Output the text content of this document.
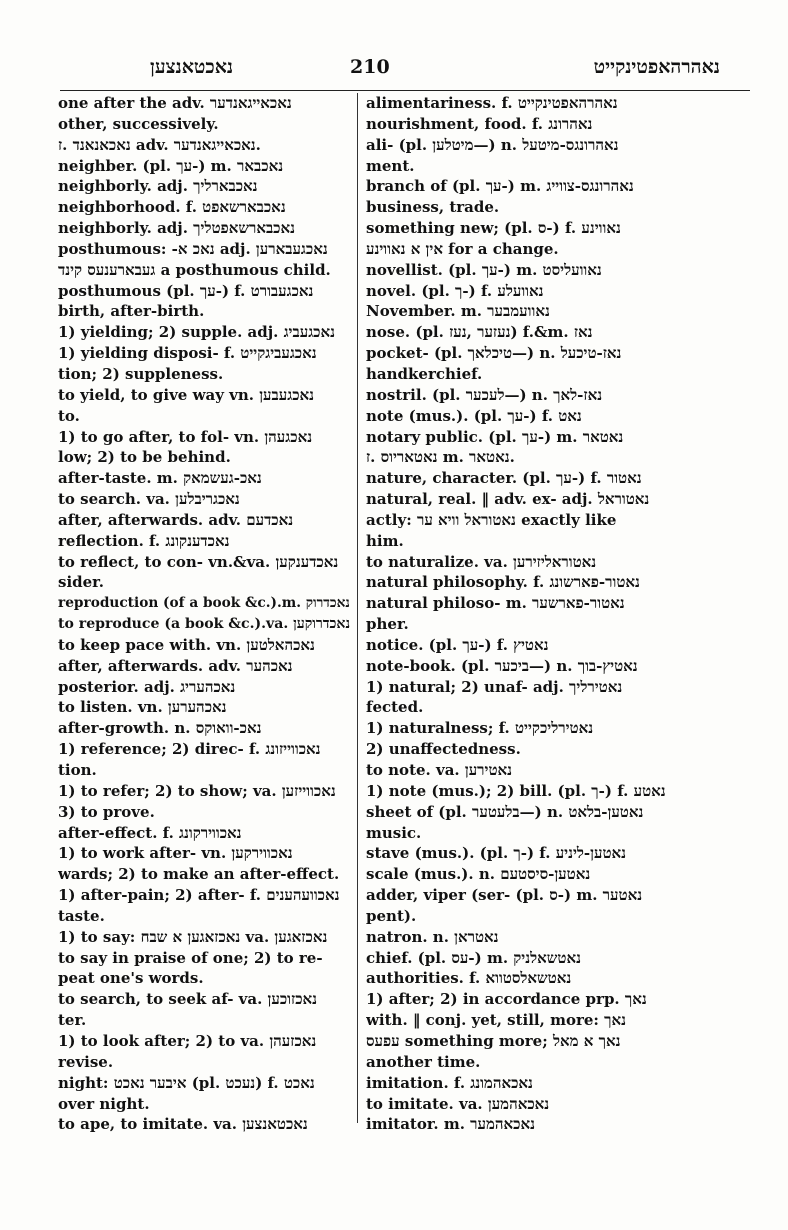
נאכטאנצען	210	נאהרהאפטינקייט
one after the adv. נאכאייגאנדער
other, successively.
נאכאנאנד .ז adv. נאכאייגאנדער.
neighber. (pl. עך-) m. נאכבאר
neighborly. adj. נאכבארליך
neighborhood. f. נאכבארשאפט
neighborly. adj. נאכבארשאפטליך
posthumous: -נאכ א adj. נאכגעבארען
געבארענעס קינד a posthumous child.
posthumous (pl. עך-) f. נאכגעבורט
birth, after-birth.
1) yielding; 2) supple. adj. נאכגעביג
1) yielding disposi- f. נאכגעביגקייט
tion; 2) suppleness.
to yield, to give way vn. נאכגעבען
to.
1) to go after, to fol- vn. נאכגעהן
low; 2) to be behind.
after-taste. m. נאכ-געשמאק
to search. va. נאכגריבלען
after, afterwards. adv. נאכדעם
reflection. f. נאכדענקונג
to reflect, to con- vn.&va. נאכדענקען
sider.
reproduction (of a book &c.).m. נאכדרוק
to reproduce (a book &c.).va. נאכדרוקען
to keep pace with. vn. נאכהאלטען
after, afterwards. adv. נאכהער
posterior. adj. נאכהעריג
to listen. vn. נאכהערען
after-growth. n. נאכ-וואוקס
1) reference; 2) direc- f. נאכווייזונג
tion.
1) to refer; 2) to show; va. נאכווייזען
3) to prove.
after-effect. f. נאכווירקונג
1) to work after- vn. נאכווירקען
wards; 2) to make an after-effect.
1) after-pain; 2) after- f. נאכוועהענים
taste.
1) to say: נאכזאגען א שבח va. נאכזאגען
to say in praise of one; 2) to re-
peat one's words.
to search, to seek af- va. נאכזוכען
ter.
1) to look after; 2) to va. נאכזעהן
revise.
night: איבער נאכט (pl. נעכט) f. נאכט
over night.
to ape, to imitate. va. נאכטאנצען
alimentariness. f. נאהרהאפטינקייט
nourishment, food. f. נאהרונג
ali- (pl. מיטלען—) n. נאהרונגס-מיטעל
ment.
branch of (pl. עך-) m. נאהרונגס-צווייג
business, trade.
something new; (pl. ס-) f. נאווינע
אין א נאווינע for a change.
novellist. (pl. עך-) m. נאוועליסט
novel. (pl. ך-) f. נאוועלע
November. m. נאוועמבער
nose. (pl. נעזער ,נעז) f.&m. נאז
pocket- (pl. טיכלאך—) n. נאז-טיכעל
handkerchief.
nostril. (pl. לעכער—) n. נאז-לאך
note (mus.). (pl. עך-) f. נאט
notary public. (pl. עך-) m. נאטאר
נאטאריוס .ז m. נאטאר.
nature, character. (pl. עך-) f. נאטור
natural, real. ‖ adv. ex- adj. נאטוראל
actly: נאטוראל וויא ער exactly like
him.
to naturalize. va. נאטוראליזירען
natural philosophy. f. נאטור-פארשונג
natural philoso- m. נאטור-פארשער
pher.
notice. (pl. עך-) f. נאטיץ
note-book. (pl. ביכער—) n. נאטיץ-בוך
1) natural; 2) unaf- adj. נאטירליך
fected.
1) naturalness; f. נאטירליכקייט
2) unaffectedness.
to note. va. נאטירען
1) note (mus.); 2) bill. (pl. ך-) f. נאטע
sheet of (pl. בלעטער—) n. נאטען-בלאט
music.
stave (mus.). (pl. ך-) f. נאטען-ליניע
scale (mus.). n. נאטען-סיסטעם
adder, viper (ser- (pl. ס-) m. נאטער
pent).
natron. n. נאטראן
chief. (pl. עס-) m. נאטשאלניק
authorities. f. נאטשאלסטווא
1) after; 2) in accordance prp. נאך
with. ‖ conj. yet, still, more: נאך
עפעס something more; נאך א מאל
another time.
imitation. f. נאכאהמונג
to imitate. va. נאכאהמען
imitator. m. נאכאהמער
